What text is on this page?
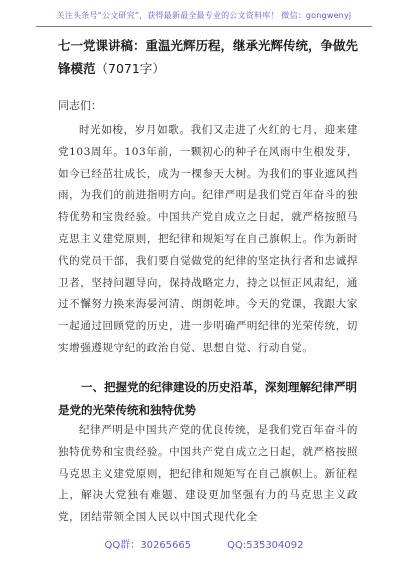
关注头条号“公文研究”，获得最新最全最专业的公文资料库！ 微信：gongwenyj
七一党课讲稿：重温光辉历程，继承光辉传统，争做先锋模范（7071字）
同志们：
时光如梭，岁月如歌。我们又走进了火红的七月，迎来建党103周年。103年前，一颗初心的种子在风雨中生根发芽，如今已经茁壮成长，成为一棵参天大树。为我们的事业遮风挡雨，为我们的前进指明方向。纪律严明是我们党百年奋斗的独特优势和宝贵经验。中国共产党自成立之日起，就严格按照马克思主义建党原则，把纪律和规矩写在自己旗帜上。作为新时代的党员干部，我们要自觉做党的纪律的坚定执行者和忠诚捍卫者，坚持问题导向，保持战略定力，持之以恒正风肃纪，通过不懈努力换来海晏河清、朗朗乾坤。今天的党课，我跟大家一起通过回顾党的历史，进一步明确严明纪律的光荣传统，切实增强遵规守纪的政治自觉、思想自觉、行动自觉。
一、把握党的纪律建设的历史沿革，深刻理解纪律严明是党的光荣传统和独特优势
纪律严明是中国共产党的优良传统，是我们党百年奋斗的独特优势和宝贵经验。中国共产党自成立之日起，就严格按照马克思主义建党原则，把纪律和规矩写在自己旗帜上。新征程上，解决大党独有难题、建设更加坚强有力的马克思主义政党，团结带领全国人民以中国式现代化全
QQ群：30265665	QQ:535304092
